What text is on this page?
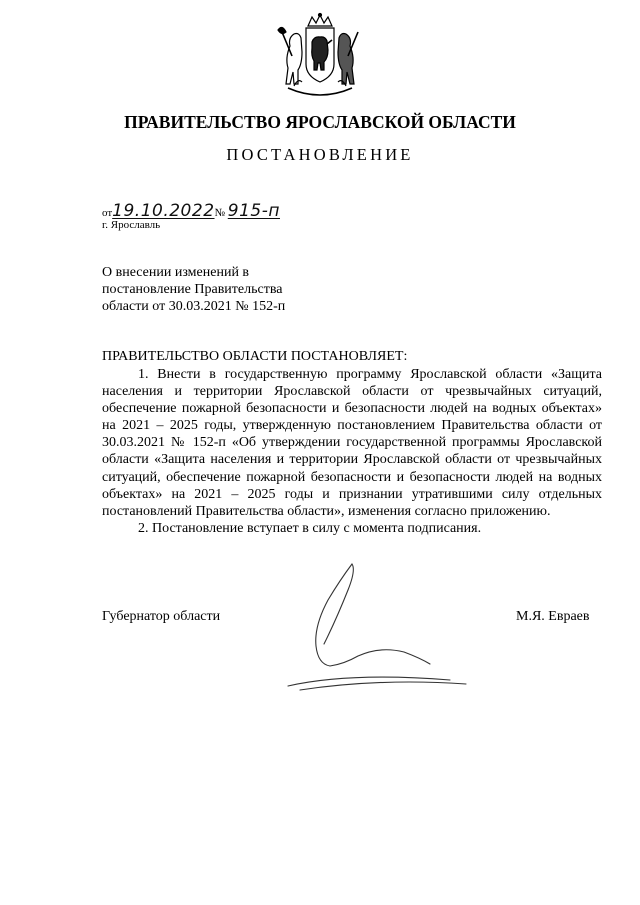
ПРАВИТЕЛЬСТВО ЯРОСЛАВСКОЙ ОБЛАСТИ
ПОСТАНОВЛЕНИЕ
от19.10.2022№ 915-п
г. Ярославль
О внесении изменений в постановление Правительства области от 30.03.2021 № 152-п
ПРАВИТЕЛЬСТВО ОБЛАСТИ ПОСТАНОВЛЯЕТ:

1. Внести в государственную программу Ярославской области «Защита населения и территории Ярославской области от чрезвычайных ситуаций, обеспечение пожарной безопасности и безопасности людей на водных объектах» на 2021 – 2025 годы, утвержденную постановлением Правительства области от 30.03.2021 № 152-п «Об утверждении государственной программы Ярославской области «Защита населения и территории Ярославской области от чрезвычайных ситуаций, обеспечение пожарной безопасности и безопасности людей на водных объектах» на 2021 – 2025 годы и признании утратившими силу отдельных постановлений Правительства области», изменения согласно приложению.

2. Постановление вступает в силу с момента подписания.

Губернатор области	М.Я. Евраев
